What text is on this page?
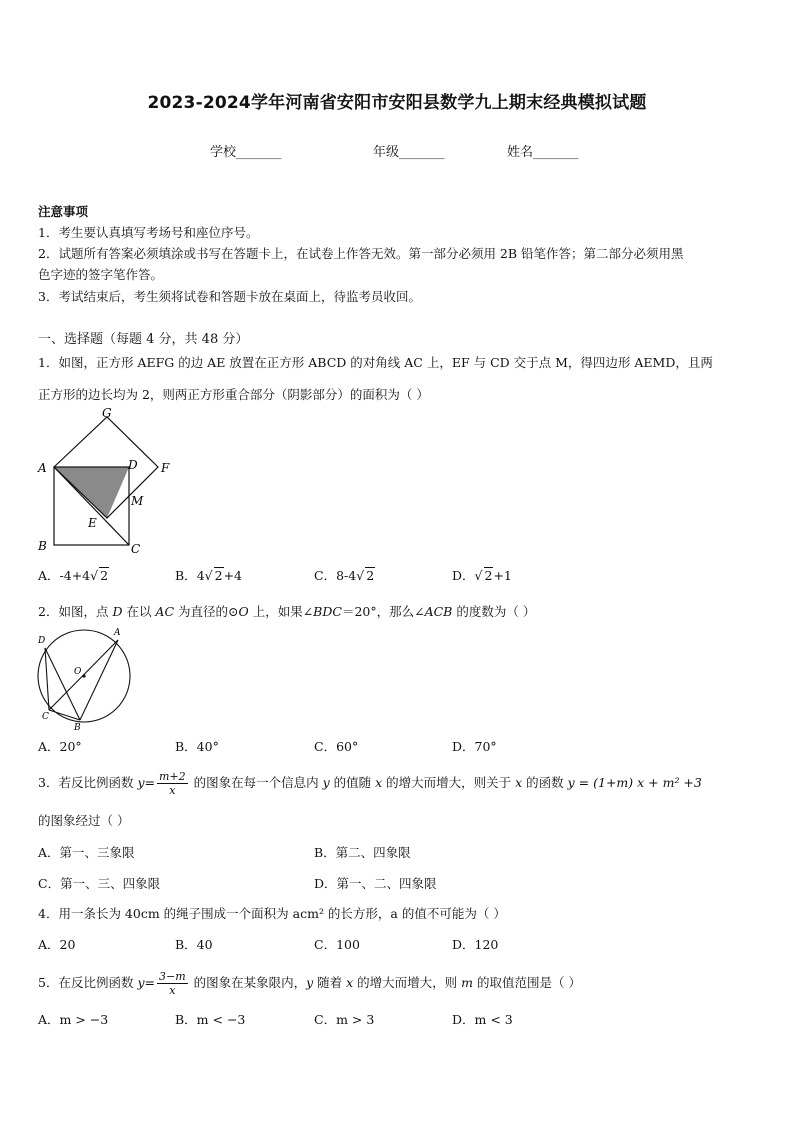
2023-2024学年河南省安阳市安阳县数学九上期末经典模拟试题
学校_______	年级_______	姓名_______
注意事项
1．考生要认真填写考场号和座位序号。
2．试题所有答案必须填涂或书写在答题卡上，在试卷上作答无效。第一部分必须用 2B 铅笔作答；第二部分必须用黑
色字迹的签字笔作答。
3．考试结束后，考生须将试卷和答题卡放在桌面上，待监考员收回。
一、选择题（每题 4 分，共 48 分）
1．如图，正方形 AEFG 的边 AE 放置在正方形 ABCD 的对角线 AC 上，EF 与 CD 交于点 M，得四边形 AEMD，且两
正方形的边长均为 2，则两正方形重合部分（阴影部分）的面积为（ ）
G
A	D F
M
E
B	C
A．-4+4√ 2	B．4√ 2+4	C．8-4√ 2	D．√ 2+1
2．如图，点 D 在以 AC 为直径的⊙O 上，如果∠BDC＝20°，那么∠ACB 的度数为（ ）
D
A
O
C
B
A．20°	B．40°	C．60°	D．70°
3．若反比例函数 $y= \frac{m+2}{x}$ 的图象在每一个信息内 y 的值随 x 的增大而增大，则关于 x 的函数 y = (1+m) x + m² +3
的图象经过（ ）
A．第一、三象限	B．第二、四象限
C．第一、三、四象限	D．第一、二、四象限
4．用一条长为 40cm 的绳子围成一个面积为 acm² 的长方形，a 的值不可能为（ ）
A．20	B．40	C．100	D．120
5．在反比例函数 $y= \frac{3-m}{x}$ 的图象在某象限内，y 随着 x 的增大而增大，则 m 的取值范围是（ ）
A．m > −3	B．m < −3	C．m > 3	D．m < 3
